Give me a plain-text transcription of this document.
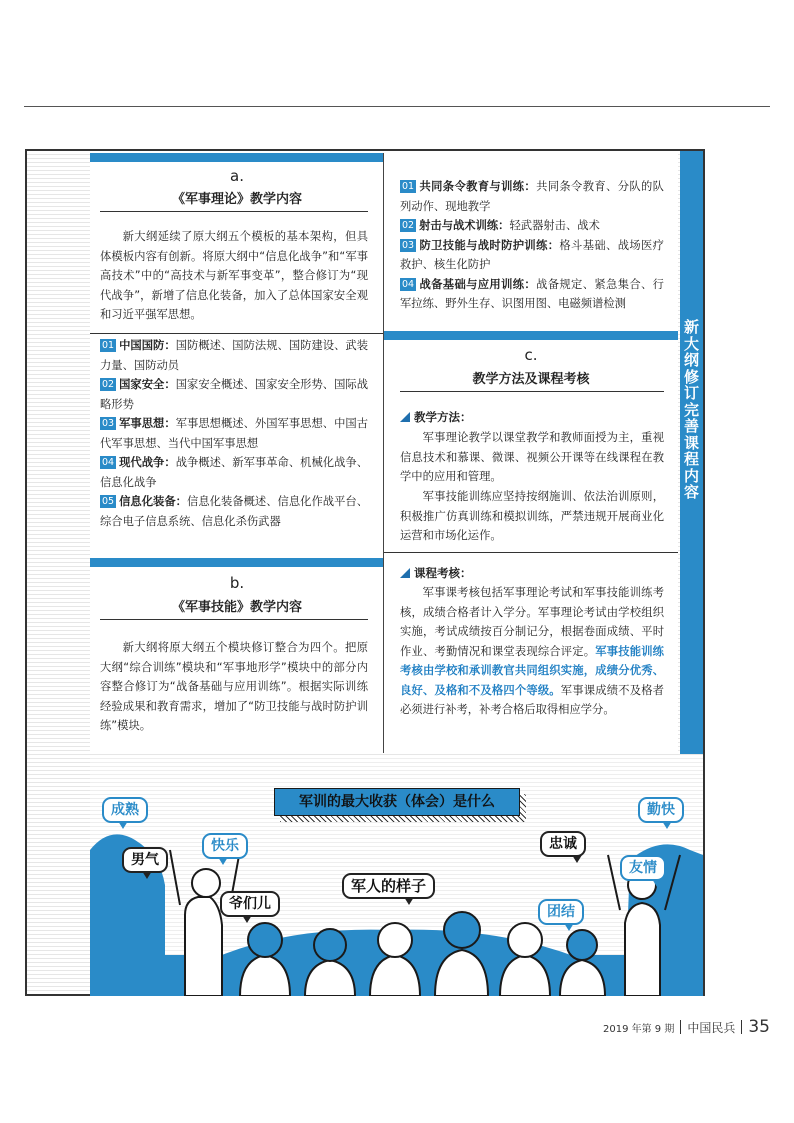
a.
《军事理论》教学内容

新大纲延续了原大纲五个模板的基本架构，但具体模板内容有创新。将原大纲中“信息化战争”和“军事高技术”中的“高技术与新军事变革”，整合修订为“现代战争”，新增了信息化装备，加入了总体国家安全观和习近平强军思想。

01 中国国防：国防概述、国防法规、国防建设、武装力量、国防动员

02 国家安全：国家安全概述、国家安全形势、国际战略形势

03 军事思想：军事思想概述、外国军事思想、中国古代军事思想、当代中国军事思想

04 现代战争：战争概述、新军事革命、机械化战争、信息化战争

05 信息化装备：信息化装备概述、信息化作战平台、综合电子信息系统、信息化杀伤武器

b.
《军事技能》教学内容

新大纲将原大纲五个模块修订整合为四个。把原大纲“综合训练”模块和“军事地形学”模块中的部分内容整合修订为“战备基础与应用训练”。根据实际训练经验成果和教育需求，增加了“防卫技能与战时防护训练”模块。

01 共同条令教育与训练：共同条令教育、分队的队列动作、现地教学

02 射击与战术训练：轻武器射击、战术

03 防卫技能与战时防护训练：格斗基础、战场医疗救护、核生化防护

04 战备基础与应用训练：战备规定、紧急集合、行军拉练、野外生存、识图用图、电磁频谱检测

c.
教学方法及课程考核
教学方法：

军事理论教学以课堂教学和教师面授为主，重视信息技术和慕课、微课、视频公开课等在线课程在教学中的应用和管理。

军事技能训练应坚持按纲施训、依法治训原则，积极推广仿真训练和模拟训练，严禁违规开展商业化运营和市场化运作。

课程考核：

军事课考核包括军事理论考试和军事技能训练考核，成绩合格者计入学分。军事理论考试由学校组织实施，考试成绩按百分制记分，根据卷面成绩、平时作业、考勤情况和课堂表现综合评定。军事技能训练考核由学校和承训教官共同组织实施，成绩分优秀、良好、及格和不及格四个等级。军事课成绩不及格者必须进行补考，补考合格后取得相应学分。

新大纲修订完善课程内容
军训的最大收获（体会）是什么
成熟
男气
快乐
爷们儿
军人的样子
忠诚
勤快
友情
团结
2019 年第 9 期 中国民兵 35
